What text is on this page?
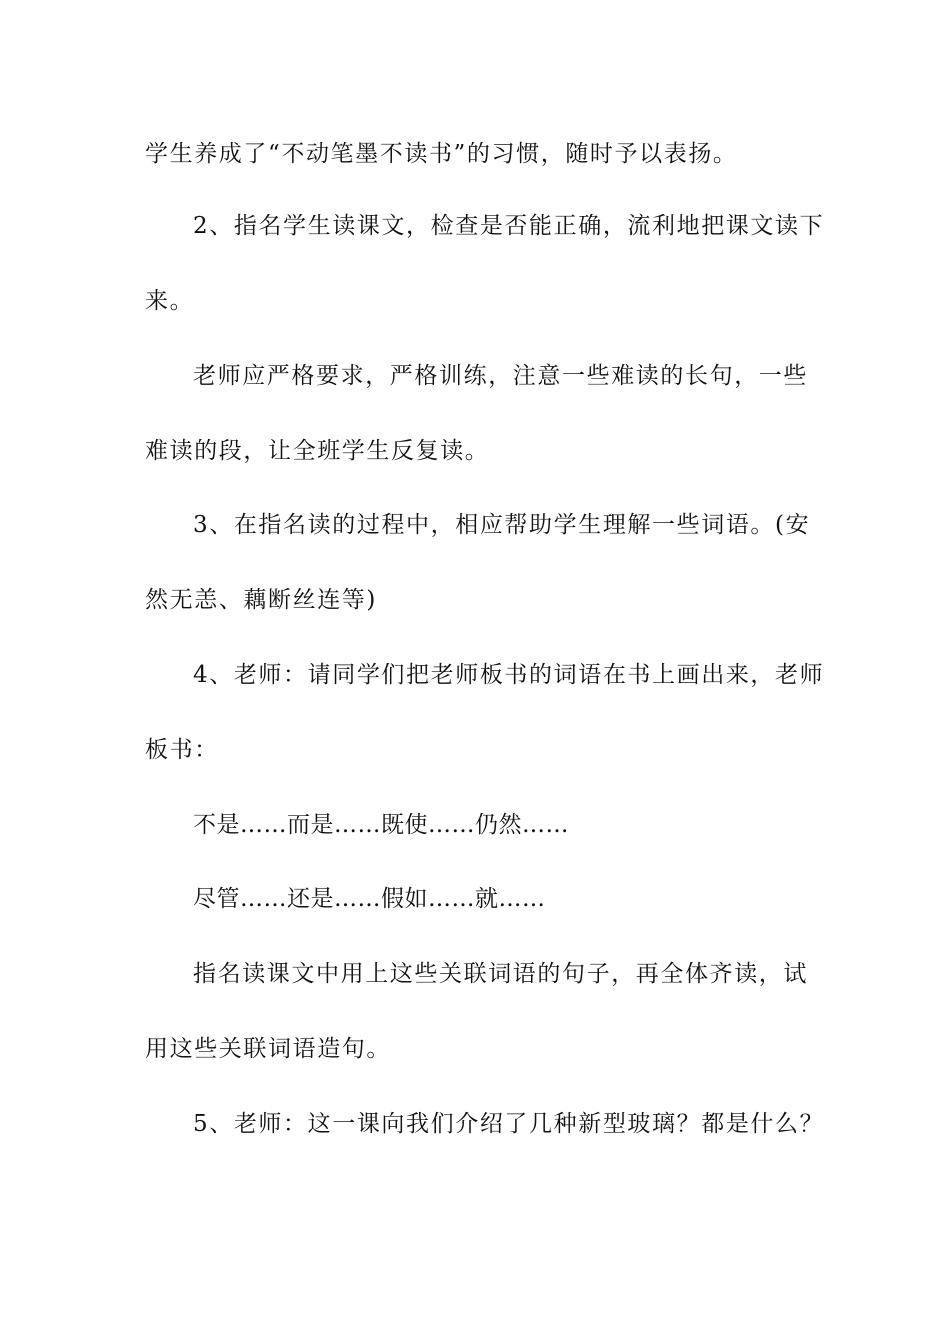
学生养成了“不动笔墨不读书”的习惯，随时予以表扬。
2、指名学生读课文，检查是否能正确，流利地把课文读下
来。
老师应严格要求，严格训练，注意一些难读的长句，一些
难读的段，让全班学生反复读。
3、在指名读的过程中，相应帮助学生理解一些词语。(安
然无恙、藕断丝连等)
4、老师：请同学们把老师板书的词语在书上画出来，老师
板书：
不是……而是……既使……仍然……
尽管……还是……假如……就……
指名读课文中用上这些关联词语的句子，再全体齐读，试
用这些关联词语造句。
5、老师：这一课向我们介绍了几种新型玻璃？都是什么？
